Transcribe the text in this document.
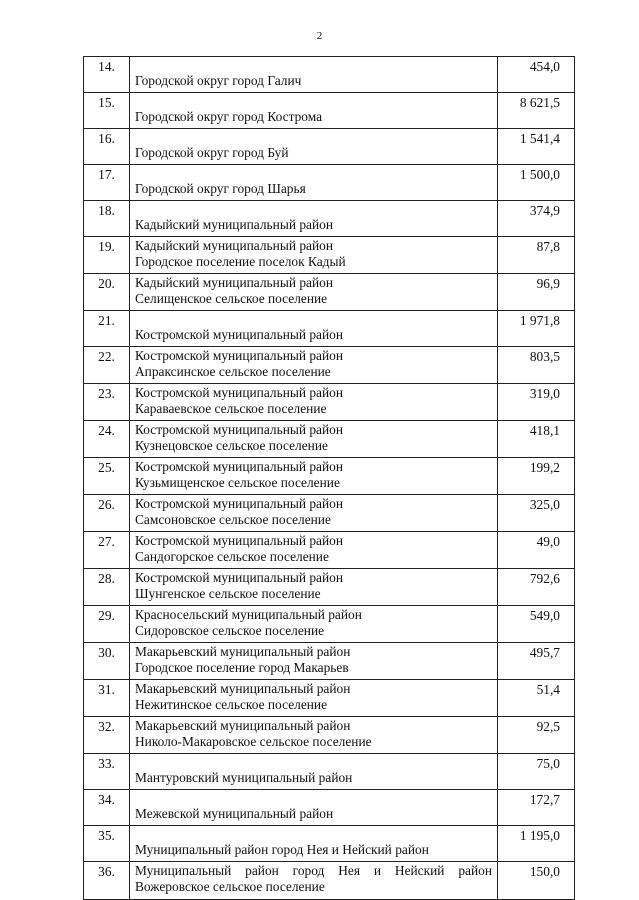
2
14.	Городской округ город Галич	454,0
15.	Городской округ город Кострома	8 621,5
16.	Городской округ город Буй	1 541,4
17.	Городской округ город Шарья	1 500,0
18.	Кадыйский муниципальный район	374,9
19.	Кадыйский муниципальный район
Городское поселение поселок Кадый	87,8
20.	Кадыйский муниципальный район
Селищенское сельское поселение	96,9
21.	Костромской муниципальный район	1 971,8
22.	Костромской муниципальный район
Апраксинское сельское поселение	803,5
23.	Костромской муниципальный район
Караваевское сельское поселение	319,0
24.	Костромской муниципальный район
Кузнецовское сельское поселение	418,1
25.	Костромской муниципальный район
Кузьмищенское сельское поселение	199,2
26.	Костромской муниципальный район
Самсоновское сельское поселение	325,0
27.	Костромской муниципальный район
Сандогорское сельское поселение	49,0
28.	Костромской муниципальный район
Шунгенское сельское поселение	792,6
29.	Красносельский муниципальный район
Сидоровское сельское поселение	549,0
30.	Макарьевский муниципальный район
Городское поселение город Макарьев	495,7
31.	Макарьевский муниципальный район
Нежитинское сельское поселение	51,4
32.	Макарьевский муниципальный район
Николо-Макаровское сельское поселение	92,5
33.	Мантуровский муниципальный район	75,0
34.	Межевской муниципальный район	172,7
35.	Муниципальный район город Нея и Нейский район	1 195,0
36.	Муниципальный район город Нея и Нейский район
Вожеровское сельское поселение	150,0
